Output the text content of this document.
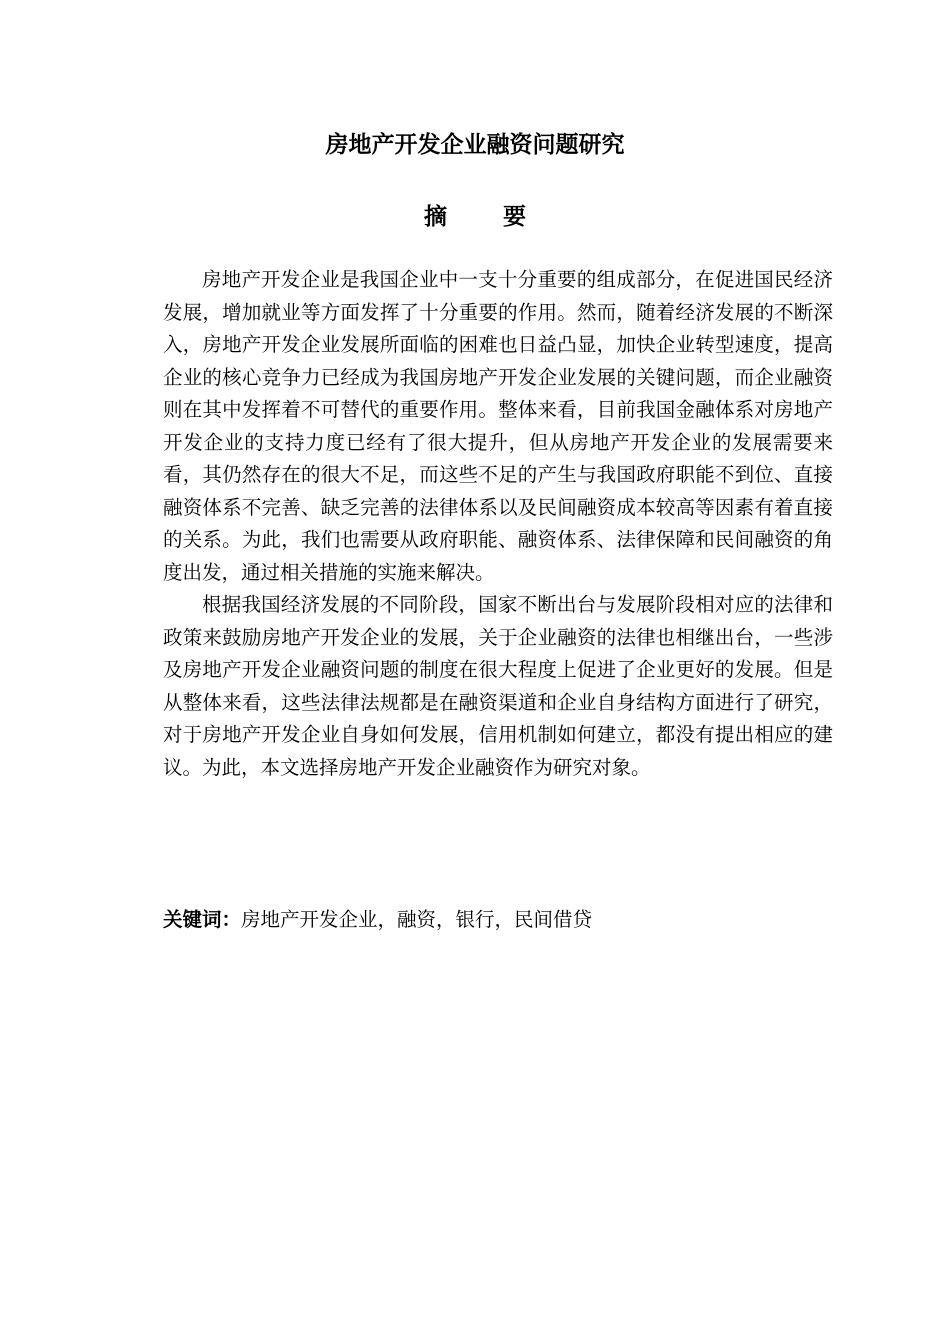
房地产开发企业融资问题研究
摘要

房地产开发企业是我国企业中一支十分重要的组成部分，在促进国民经济发展，增加就业等方面发挥了十分重要的作用。然而，随着经济发展的不断深入，房地产开发企业发展所面临的困难也日益凸显，加快企业转型速度，提高企业的核心竞争力已经成为我国房地产开发企业发展的关键问题，而企业融资则在其中发挥着不可替代的重要作用。整体来看，目前我国金融体系对房地产开发企业的支持力度已经有了很大提升，但从房地产开发企业的发展需要来看，其仍然存在的很大不足，而这些不足的产生与我国政府职能不到位、直接融资体系不完善、缺乏完善的法律体系以及民间融资成本较高等因素有着直接的关系。为此，我们也需要从政府职能、融资体系、法律保障和民间融资的角度出发，通过相关措施的实施来解决。

根据我国经济发展的不同阶段，国家不断出台与发展阶段相对应的法律和政策来鼓励房地产开发企业的发展，关于企业融资的法律也相继出台，一些涉及房地产开发企业融资问题的制度在很大程度上促进了企业更好的发展。但是从整体来看，这些法律法规都是在融资渠道和企业自身结构方面进行了研究，对于房地产开发企业自身如何发展，信用机制如何建立，都没有提出相应的建议。为此，本文选择房地产开发企业融资作为研究对象。

关键词：房地产开发企业，融资，银行，民间借贷
